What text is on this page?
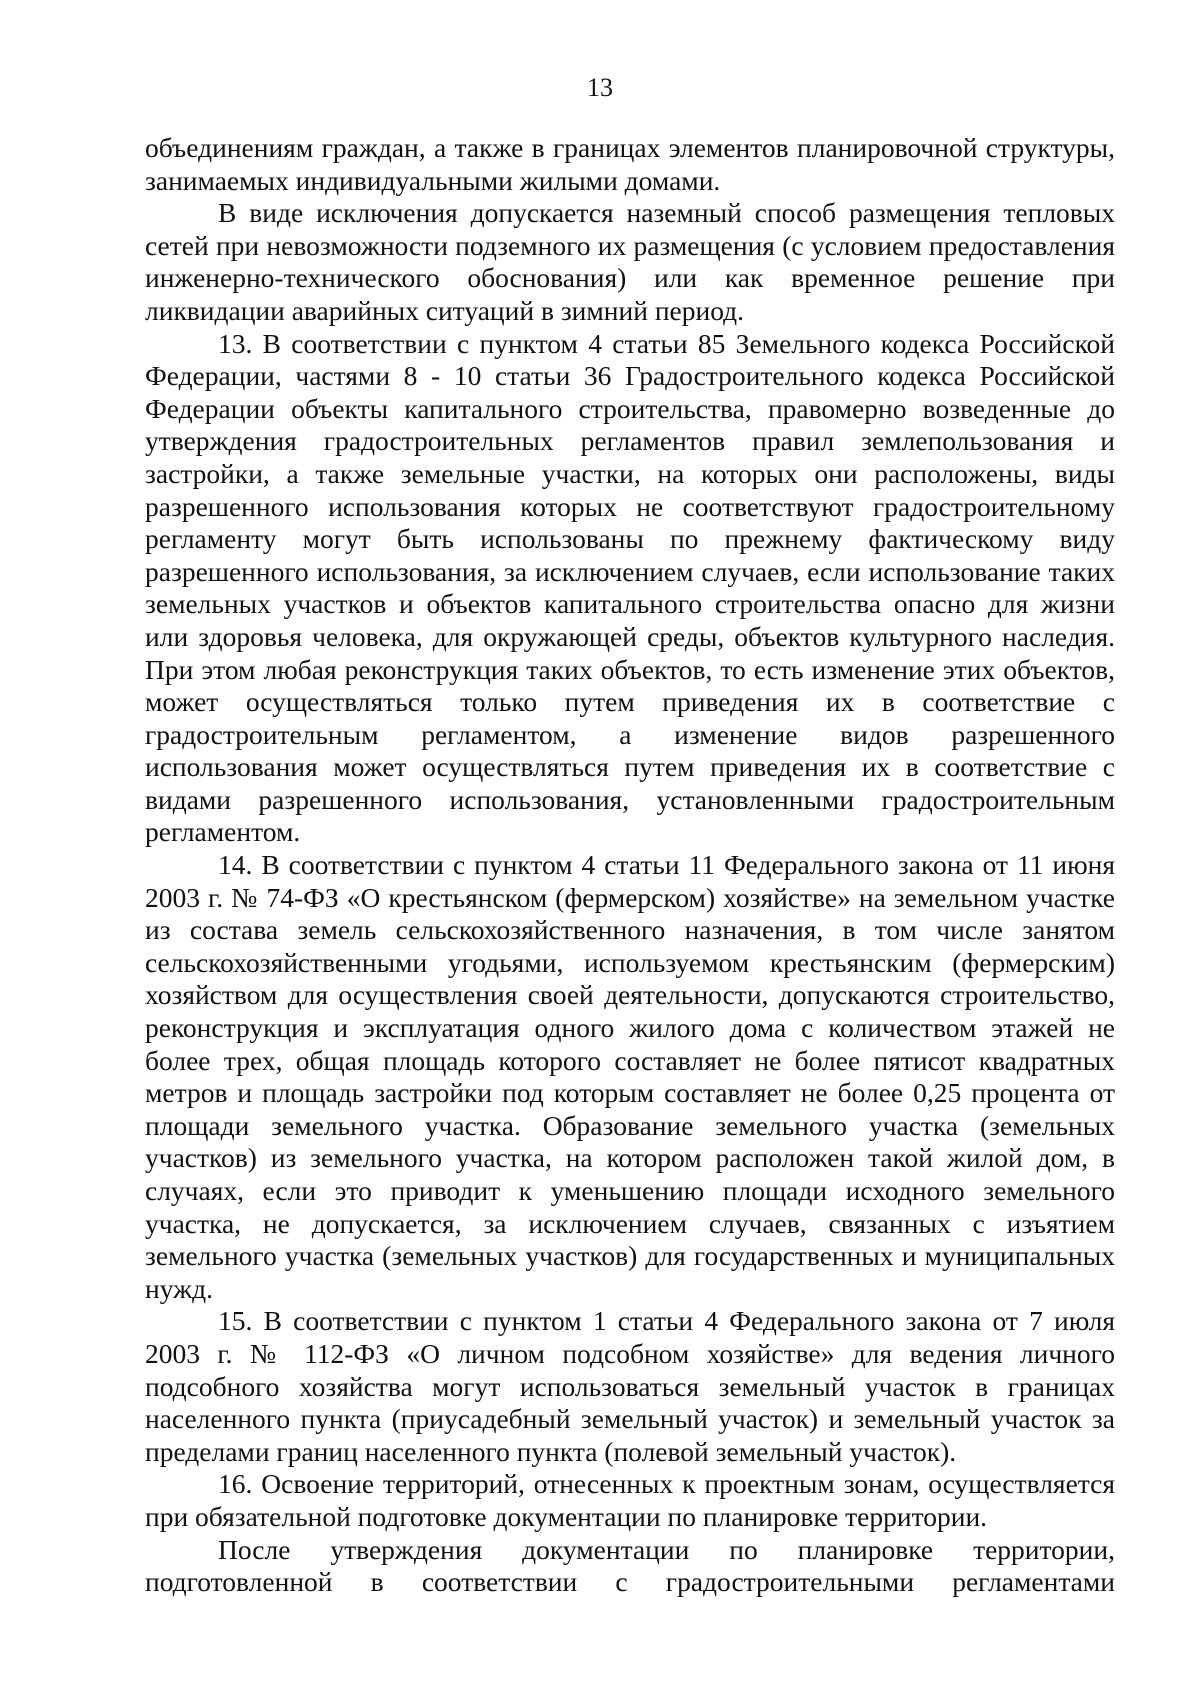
13

объединениям граждан, а также в границах элементов планировочной структуры, занимаемых индивидуальными жилыми домами.

В виде исключения допускается наземный способ размещения тепловых сетей при невозможности подземного их размещения (с условием предоставления инженерно-технического обоснования) или как временное решение при ликвидации аварийных ситуаций в зимний период.

13. В соответствии с пунктом 4 статьи 85 Земельного кодекса Российской Федерации, частями 8 - 10 статьи 36 Градостроительного кодекса Российской Федерации объекты капитального строительства, правомерно возведенные до утверждения градостроительных регламентов правил землепользования и застройки, а также земельные участки, на которых они расположены, виды разрешенного использования которых не соответствуют градостроительному регламенту могут быть использованы по прежнему фактическому виду разрешенного использования, за исключением случаев, если использование таких земельных участков и объектов капитального строительства опасно для жизни или здоровья человека, для окружающей среды, объектов культурного наследия. При этом любая реконструкция таких объектов, то есть изменение этих объектов, может осуществляться только путем приведения их в соответствие с градостроительным регламентом, а изменение видов разрешенного использования может осуществляться путем приведения их в соответствие с видами разрешенного использования, установленными градостроительным регламентом.

14. В соответствии с пунктом 4 статьи 11 Федерального закона от 11 июня 2003 г. № 74-ФЗ «О крестьянском (фермерском) хозяйстве» на земельном участке из состава земель сельскохозяйственного назначения, в том числе занятом сельскохозяйственными угодьями, используемом крестьянским (фермерским) хозяйством для осуществления своей деятельности, допускаются строительство, реконструкция и эксплуатация одного жилого дома с количеством этажей не более трех, общая площадь которого составляет не более пятисот квадратных метров и площадь застройки под которым составляет не более 0,25 процента от площади земельного участка. Образование земельного участка (земельных участков) из земельного участка, на котором расположен такой жилой дом, в случаях, если это приводит к уменьшению площади исходного земельного участка, не допускается, за исключением случаев, связанных с изъятием земельного участка (земельных участков) для государственных и муниципальных нужд.

15. В соответствии с пунктом 1 статьи 4 Федерального закона от 7 июля 2003 г. № 112-ФЗ «О личном подсобном хозяйстве» для ведения личного подсобного хозяйства могут использоваться земельный участок в границах населенного пункта (приусадебный земельный участок) и земельный участок за пределами границ населенного пункта (полевой земельный участок).

16. Освоение территорий, отнесенных к проектным зонам, осуществляется при обязательной подготовке документации по планировке территории.

После утверждения документации по планировке территории, подготовленной в соответствии с градостроительными регламентами
